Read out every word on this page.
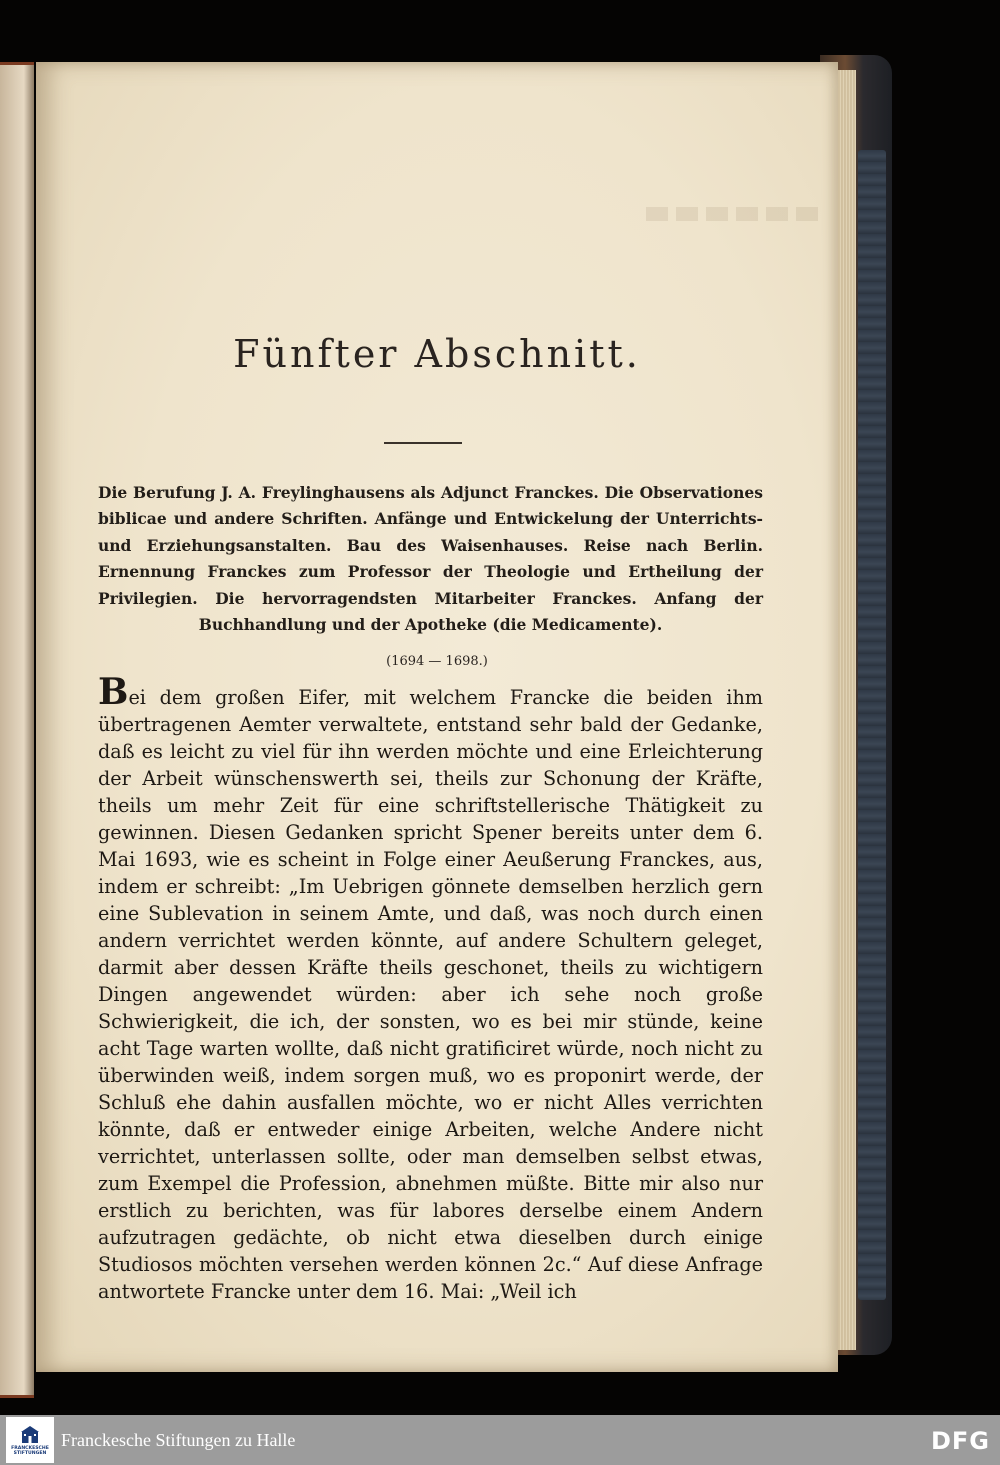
Fünfter Abschnitt.
Die Berufung J. A. Freylinghausens als Adjunct Franckes. Die Observationes biblicae und andere Schriften. Anfänge und Entwickelung der Unterrichts- und Erziehungsanstalten. Bau des Waisenhauses. Reise nach Berlin. Ernennung Franckes zum Professor der Theologie und Ertheilung der Privilegien. Die hervorragendsten Mitarbeiter Franckes. Anfang der Buchhandlung und der Apotheke (die Medicamente).
(1694 — 1698.)
Bei dem großen Eifer, mit welchem Francke die beiden ihm übertragenen Aemter verwaltete, entstand sehr bald der Gedanke, daß es leicht zu viel für ihn werden möchte und eine Erleichterung der Arbeit wünschenswerth sei, theils zur Schonung der Kräfte, theils um mehr Zeit für eine schriftstellerische Thätigkeit zu gewinnen. Diesen Gedanken spricht Spener bereits unter dem 6. Mai 1693, wie es scheint in Folge einer Aeußerung Franckes, aus, indem er schreibt: „Im Uebrigen gönnete demselben herzlich gern eine Sublevation in seinem Amte, und daß, was noch durch einen andern verrichtet werden könnte, auf andere Schultern geleget, darmit aber dessen Kräfte theils geschonet, theils zu wichtigern Dingen angewendet würden: aber ich sehe noch große Schwierigkeit, die ich, der sonsten, wo es bei mir stünde, keine acht Tage warten wollte, daß nicht gratificiret würde, noch nicht zu überwinden weiß, indem sorgen muß, wo es proponirt werde, der Schluß ehe dahin ausfallen möchte, wo er nicht Alles verrichten könnte, daß er entweder einige Arbeiten, welche Andere nicht verrichtet, unterlassen sollte, oder man demselben selbst etwas, zum Exempel die Profession, abnehmen müßte. Bitte mir also nur erstlich zu berichten, was für labores derselbe einem Andern aufzutragen gedächte, ob nicht etwa dieselben durch einige Studiosos möchten versehen werden können 2c.“ Auf diese Anfrage antwortete Francke unter dem 16. Mai: „Weil ich
FRANCKESCHE
STIFTUNGEN
Franckesche Stiftungen zu Halle	DFG
